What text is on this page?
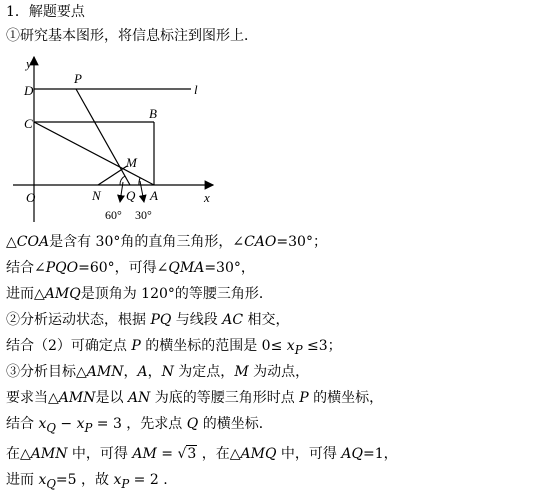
1．解题要点
①研究基本图形，将信息标注到图形上．
y
x
O
D
C
P
l
B
M
N Q A
60° 30°
△COA是含有 30°角的直角三角形，∠CAO=30°；
结合∠PQO=60°，可得∠QMA=30°，
进而△AMQ是顶角为 120°的等腰三角形．
②分析运动状态，根据 PQ 与线段 AC 相交，
结合（2）可确定点 P 的横坐标的范围是 $0\le x_P \le 3$；
③分析目标△AMN，A，N 为定点，M 为动点，
要求当△AMN是以 AN 为底的等腰三角形时点 P 的横坐标，
结合 $x_Q - x_P = 3$ ，先求点 Q 的横坐标．
在△AMN 中，可得 AM = √3 ，在△AMQ 中，可得 AQ=1，
进而 $x_Q=5$ ，故 $x_P = 2$ .
